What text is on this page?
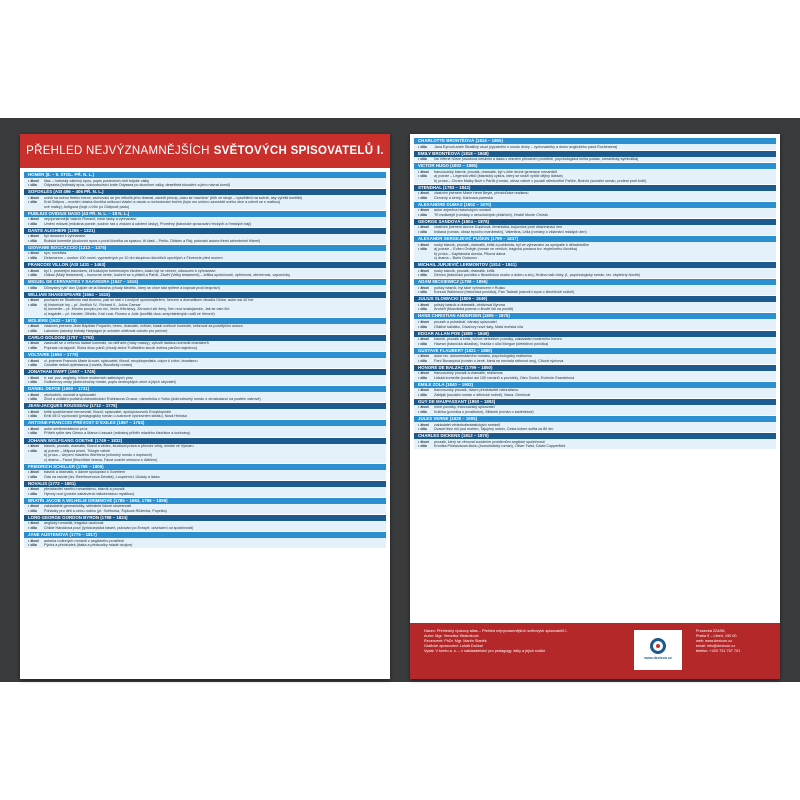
PŘEHLED NEJVÝZNAMNĚJŠÍCH SVĚTOVÝCH SPISOVATELŮ I.
HOMÉR (8. – 9. STOL. PŘ. N. L.)
• život	Ilias – hrdinský válečný epos, popis posledních dnů trójské války
• dílo	Odysseia (hrdinský epos, dobrodružství krále Odyssea po skončení války, desetiletá bloudění a jeho návrat domů)
SOFOKLÉS (ASI 496 – 406 PŘ. N. L.)
• život	uvedl na scénu třetího herce, zachovalo se jen několik jeho dramat, zavedl princip „času se machina“ (bůh ze stroje – vysvětlení na scéně, aby vyřešil konflikt)
• dílo	Král Oidipus – morální otázka člověka unikoucí vlastní a osudu a rozhodování božím (bylo mu určeno zavraždit svého otce a oženit se s matkou)
své matky), Antigona (boje o trůn po Oidipově pádu)
PUBLIUS OVIDIUS NASO (43 PŘ. N. L. – 18 N. L.)
• život	nejvýznamnější básník Římanů, mistr lásky a vyhnanství
• dílo	Umění milovat (milostná poezie, soubor rad o získání a udržení lásky), Proměny (básnické zpracování řeckých a římských bájí)
DANTE ALIGHIERI (1265 – 1321)
• život	byl donucen k vyhnanství
• dílo	Božská komedie (duchovní epos o pouti člověka za spásou, tři části – Peklo, Očistec a Ráj; putování autora třemi záhrobními říšemi)
GIOVANNI BOCCACCIO (1313 – 1375)
• život	syn, novelista
• dílo	Dekameron – soubor 100 novel, vyprávěných po 10 dní skupinou šlechticů uprchlých z Florencie před morem
FRANCOIS VILLON (ASI 1431 – 1463)
• život	byl 1. prokletým básníkem, žil tuláckým bohémským životem, často byl ve vězení, odsouzen k vyhnanství
• dílo	Odkaz (Malý testament) – humorné verše, loučení se s přáteli a Paříží, Závěť (Velký testament) – kritika společnosti, upřímnost, otevřenost, vzpomínky
MIGUEL DE CERVANTES Y SAAVEDRA (1547 – 1616)
• dílo	Důmyslný rytíř don Quijote de la Mancha (chudý šlechtic, který se chce stát rytířem a bojovat proti bezpráví)
WILLIAM SHAKESPEARE (1564 – 1616)
• život	pocházel ze Stratfordu nad Avonou, pak se stal v Londýně spolumajitelem, hercem a dramatikem divadla Globe, autor asi 40 her
• dílo	d) historické hry – př. Jindřich IV., Richard II., Julius Caesar
b) komedie – př. Mnoho povyku pro nic, Večer tříkrálový, Zkrocení zlé ženy, Sen noci svatojánské, Jak se vám líbí
c) tragédie – př. Hamlet, Othello, Král Lear, Romeo a Julie (konflikt dvou znepřátelených rodů ve Veroně)
MOLIÉRE (1622 – 1673)
• život	vlastním jménem Jean Baptiste Poquelin, herec, dramatik, režisér, klasik světové komedie, kritizoval za pozdějšího autora
• dílo	Lakomec (lakotný bohatý Harpagon je ochoten obětovat cokoliv pro peníze)
CARLO GOLDONI (1707 – 1793)
• život	zasloužil se o reformu italské komedie, do dell’arte (hrály masky), vytvořil italskou komedii charakterů
• dílo	Poprask na laguně, Sluha dvou pánů (chudý sluha Truffaldino slouží dvěma pánům najednou)
VOLTAIRE (1694 – 1778)
• život	vl. jménem Francois Marie Arouet, spisovatel, filozof, encyklopedista, odpor k církvi, fanatismu
• dílo	Candide neboli optimismus (novela, filozofický román)
JONATHAN SWIFT (1667 – 1745)
• život	ir. sat. poz. anglicky, tvůrce moderních satirických próz
• dílo	Gulliverovy cesty (dobrodružný román, popis neobvyklých zemí a jejich obyvatel)
DANIEL DEFOE (1660 – 1731)
• život	obchodník, novinář a spisovatel
• dílo	Život a zvláštní podivná dobrodružství Robinsona Crusoe, námořníka z Yorku (dobrodružný román o ztroskotanci na pustém ostrově)
JEAN-JACQUES ROUSSEAU (1712 – 1778)
• život	kritik společenské nerovnosti, filozof, spisovatel, spolupracovník Encyklopedie
• dílo	Emil čili O vychování (pedagogický román o autorově výchovném ideálu), Nová Heloisa
ANTOINE-FRANCOIS PRÉVOST D´EXILES (1697 – 1763)
• život	autor sentimentálních próz
• dílo	Příběh rytíře des Grieux a Manon Lescaut (milostný příběh mladého šlechtice a kurtizány)
JOHANN WOLFGANG GOETHE (1749 – 1832)
• život	básník, prozaik, dramatik, filozof a vědec, studoval práva a přírodní vědy, ministr ve Výmaru
• dílo	a) poezie – Mäjová píseň, Trilogie vášně
b) próza – Utrpení mladého Werthera (milostný román v dopisech)
c) drama – Faust (filozofické drama, Faust uzavře smlouvu s ďáblem)
FRIEDRICH SCHILLER (1759 – 1805)
• život	básník a dramatik, v dávné spolupráci s Goethem
• dílo	Óda na radost (tzv. Beethovenova Devátá), Loupežníci, Úklady a láska
NOVALIS (1772 – 1801)
• život	představitel raného romantismu, básník a prozaik
• dílo	Hymny noci (poezie zabarvená náboženskou mystikou)
BRATŘI JACOB A WILHELM GRIMMOVÉ (1785 – 1863, 1786 – 1859)
• život	zakladatelé germanistiky, sběratelé lidové slovesnosti
• dílo	Pohádky pro děti a celou rodinu (př. Sněhurka, Šípková Růženka, Popelka)
LORD GEORGE GORDON BYRON (1788 – 1824)
• život	anglický romantik, tragická osobnost
• dílo	Childe Haroldova pouť (lyrickoepická báseň, putování po Evropě, odvrácení od společnosti)
JANE AUSTENOVÁ (1775 – 1817)
• život	autorka rodinných románů z anglického prostředí
• dílo	Pýcha a předsudek (láska a předsudky mladé dvojice)
CHARLOTTE BRONTËOVÁ (1816 – 1855)
• dílo	Jana Eyrová aneb Strašlivý osud (vyprávění o osudu dívky – vychovatelky a domu anglického pana Rochestera)
EMILY BRONTËOVÁ (1818 – 1848)
• dílo	Na Větrné hůrce (osudová nenávist a láska v drsném přírodním prostředí, psychologická kniha postav, romantický symbolika)
VICTOR HUGO (1802 – 1885)
• život	francouzský básník, prozaik, dramatik, byl v čele druhé generace romantiků
• dílo	a) poezie – Legenda věků (básnický cyklus, který se snaží vylíčit dějiny lidstva)
b) próza – Chrám Matky Boží v Paříži (román, obraz vášně v pozadí středověké Paříže, Bídníci (sociální román, protest proti bídě)
STENDHAL (1783 – 1842)
• život	vlastním jménem Marie Henri Beyle, předchůdce realismu
• dílo	Červený a černý, Kartouza parmská
ALEXANDRE DUMAS (1802 – 1870)
• život	autor zejména historických románů
• dílo	Tři mušketýři (romány o nerozlučných přátelích), Hrabě Monte Christo
GEORGE SANDOVÁ (1804 – 1876)
• život	vlastním jménem Aurore Dupinová, feministka, bojovnice proti diskriminaci žen
• dílo	Indiana (román, obraz trpícího manželství), Valentina, Lélia (romány o zklamání mladých žen)
ALEXANDR SERGEJEVIČ PUŠKIN (1799 – 1837)
• život	ruský básník, prozaik, dramatik, kritik a publicista, byl ve vyhnanství za sympatie k děkabristům
• dílo	a) poezie – Evžen Oněgin (román ve verších, tragická postava tzv. zbytečného člověka)
b) próza – Kapitánská dcerka, Piková dáma
c) drama – Boris Godunov
MICHAIL JURJEVIČ LERMONTOV (1814 – 1841)
• život	ruský básník, prozaik, dramatik, kritik
• dílo	Démon (básnická povídka o filozofickou úvahu o dobru a zlu), Hrdina naší doby (1. psychologický román, tzv. zbytečný člověk)
ADAM MICKIEWICZ (1798 – 1855)
• život	polský básník, byl také vyhnancem v Rusku
• dílo	Konrad Wallenrod (historická povídka), Pan Tadeáš (národní epos o šlechtické rodině)
JULIUS SLOWACKI (1809 – 1849)
• život	polský básník a dramatik, obdivoval Byrona
• dílo	Arnheľi (filozofická poema o životě lidí na poušti)
HANS CHRISTIAN ANDERSEN (1805 – 1875)
• život	prozaik a pohádkář, dánský spisovatel
• dílo	Ošklivé káčátko, Císařovy nové šaty, Malá mořská víla
EDGAR ALLAN POE (1809 – 1849)
• život	básník, prozaik a kritik, tvůrce detektivní povídky, zakladatel moderního hororu
• dílo	Havran (básnická skladba), Vražda v ulici Morgue (detektivní povídka)
GUSTAVE FLAUBERT (1821 – 1880)
• život	autor tzv. dokumentárního románu, psychologický realismus
• dílo	Paní Bovaryová (román o ženě, která se nechala strhnout sny), Citová výchova
HONORÉ DE BALZAC (1799 – 1850)
• život	francouzský prozaik a dramatik, realismus
• dílo	Lidská komedie (soubor asi 100 románů a povídek), Otec Goriot, Evženie Grandetová
ÉMILE ZOLA (1840 – 1902)
• život	francouzský prozaik, hlavní představitel naturalismu
• dílo	Zabiják (sociální román o dělnické rodině), Nana, Germinal
GUY DE MAUPASSANT (1850 – 1893)
• život	mistr povídky, francouzský spisovatel
• dílo	Kulička (povídka o prostitutce), Miláček (román o kariéristovi)
JULES VERNE (1828 – 1905)
• život	zakladatel vědeckofantastických románů
• dílo	Dvacet tisíc mil pod mořem, Tajuplný ostrov, Cesta kolem světa za 80 dní
CHARLES DICKENS (1812 – 1870)
• život	prozaik, který se věnoval sociálním problémům anglické společnosti
• dílo	Kronika Pickwickova klubu (humoristický román), Oliver Twist, David Copperfield
Název: Přehledný výukový atlas – Přehled nejvýznamnějších světových spisovatelů I.
Autor: Mgr. Veronika Strakošová
Recenzent: PhDr. Mgr. Martin Staněk
Grafické zpracování: Lukáš Dočkal
Vydal: V tomto a. s. – v nakladatelství pro pedagogy, žáky a jejich rodiče
www.dexicon.cz
Prosecká 224/56,
Praha 9 – Libeň, 190 00
web: www.dexicon.cz
email: info@dexicon.cz
telefon: +420 731 757 701
